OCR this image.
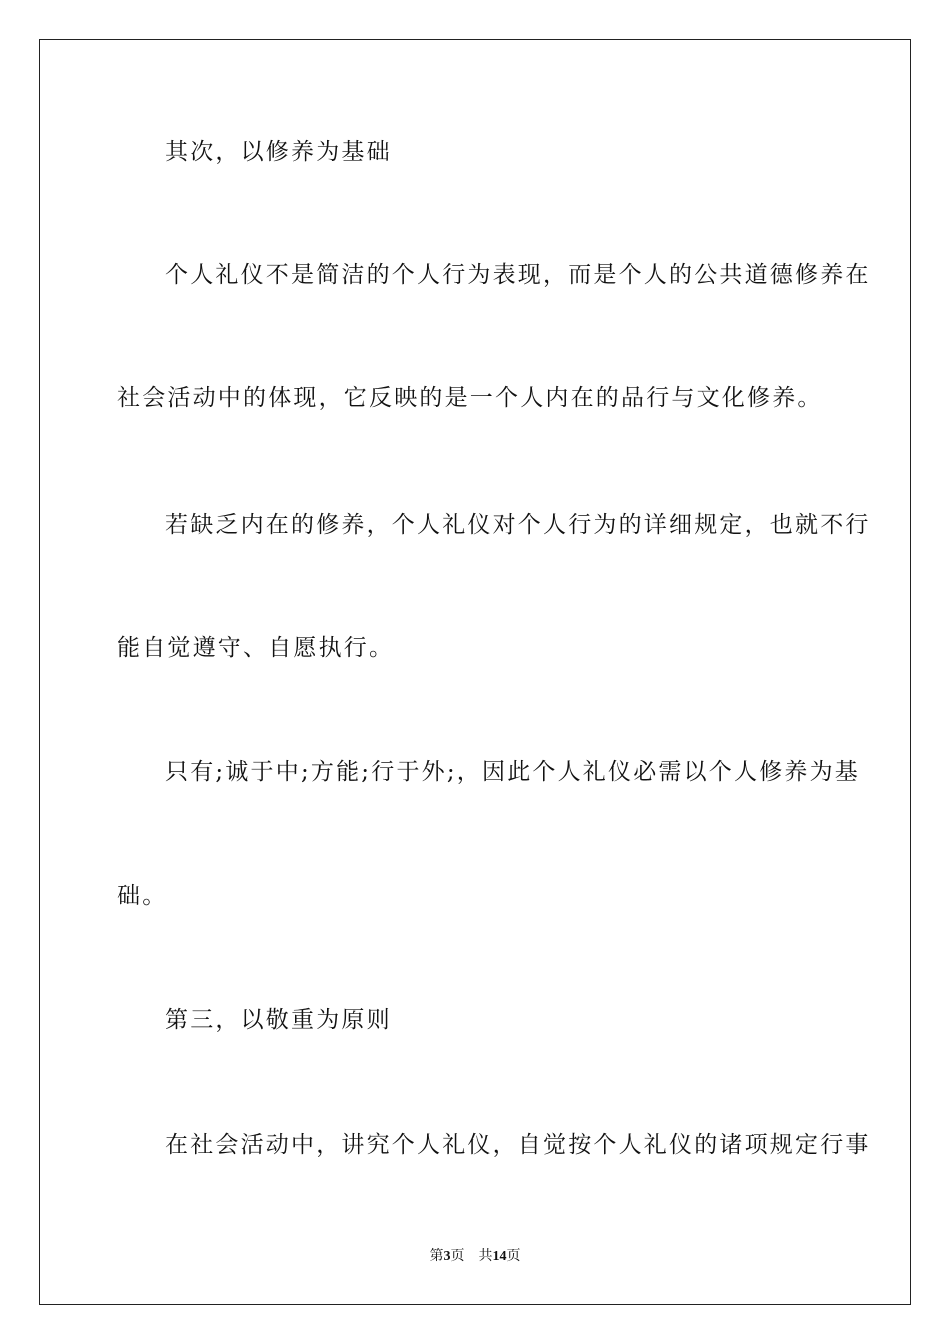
其次，以修养为基础
个人礼仪不是简洁的个人行为表现，而是个人的公共道德修养在
社会活动中的体现，它反映的是一个人内在的品行与文化修养。
若缺乏内在的修养，个人礼仪对个人行为的详细规定，也就不行
能自觉遵守、自愿执行。
只有;诚于中;方能;行于外;，因此个人礼仪必需以个人修养为基
础。
第三，以敬重为原则
在社会活动中，讲究个人礼仪，自觉按个人礼仪的诸项规定行事
第3页 共14页
